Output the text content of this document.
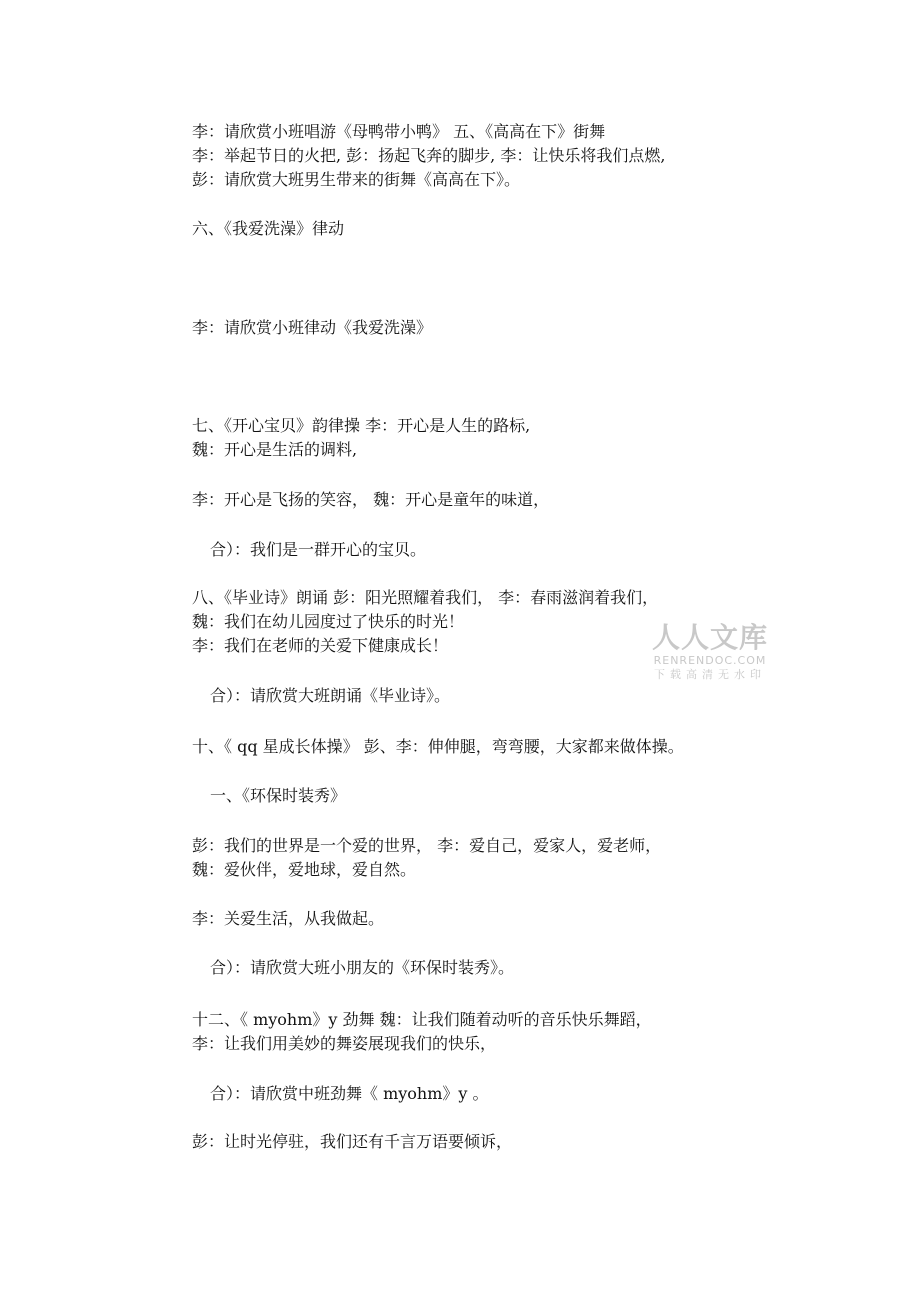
李：请欣赏小班唱游《母鸭带小鸭》 五、《高高在下》街舞
李：举起节日的火把, 彭：扬起飞奔的脚步, 李：让快乐将我们点燃,
彭：请欣赏大班男生带来的街舞《高高在下》。
六、《我爱洗澡》律动
李：请欣赏小班律动《我爱洗澡》
七、《开心宝贝》韵律操 李：开心是人生的路标,
魏：开心是生活的调料,
李：开心是飞扬的笑容， 魏：开心是童年的味道，
合）：我们是一群开心的宝贝。
八、《毕业诗》朗诵 彭：阳光照耀着我们， 李：春雨滋润着我们，
魏：我们在幼儿园度过了快乐的时光！
李：我们在老师的关爱下健康成长！
合）：请欣赏大班朗诵《毕业诗》。
十、《 qq 星成长体操》 彭、李：伸伸腿，弯弯腰，大家都来做体操。
一、《环保时装秀》
彭：我们的世界是一个爱的世界， 李：爱自己，爱家人，爱老师，
魏：爱伙伴，爱地球，爱自然。
李：关爱生活，从我做起。
合）：请欣赏大班小朋友的《环保时装秀》。
十二、《 myohm》y 劲舞 魏：让我们随着动听的音乐快乐舞蹈，
李：让我们用美妙的舞姿展现我们的快乐，
合）：请欣赏中班劲舞《 myohm》y 。
彭：让时光停驻，我们还有千言万语要倾诉，
人人文库
RENRENDOC.COM
下载高清无水印
